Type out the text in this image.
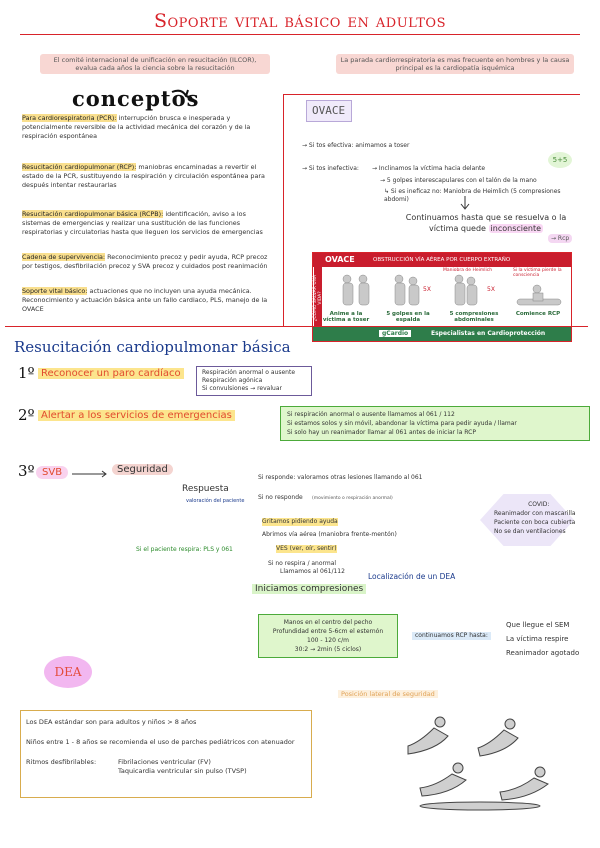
Soporte vital básico en adultos
El comité internacional de unificación en resucitación (ILCOR), evalua cada años la ciencia sobre la resucitación
La parada cardiorrespiratoria es mas frecuente en hombres y la causa principal es la cardiopatía isquémica
conceptos
Para cardiorespiratoria (PCR): interrupción brusca e inesperada y potencialmente reversible de la actividad mecánica del corazón y de la respiración espontánea
Resucitación cardiopulmonar (RCP): maniobras encaminadas a revertir el estado de la PCR, sustituyendo la respiración y circulación espontánea para después intentar restaurarlas
Resucitación cardiopulmonar básica (RCPB): identificación, aviso a los sistemas de emergencias y realizar una sustitución de las funciones respiratorias y circulatorias hasta que lleguen los servicios de emergencias
Cadena de supervivencia: Reconocimiento precoz y pedir ayuda, RCP precoz por testigos, desfibrilación precoz y SVA precoz y cuidados post reanimación
Soporte vital básico: actuaciones que no incluyen una ayuda mecánica. Reconocimiento y actuación básica ante un fallo cardiaco, PLS, manejo de la OVACE
OVACE
→ Si tos efectiva: animamos a toser
→ Si tos inefectiva: → Inclinamos la víctima hacia delante
→ 5 golpes interescapulares con el talón de la mano
↳ Si es ineficaz no: Maniobra de Heimlich (5 compresiones abdomi)
5+5
Continuamos hasta que se resuelva o la víctima quede inconsciente
→ Rcp
OVACE	OBSTRUCCIÓN VÍA AÉREA POR CUERPO EXTRAÑO
¿CÓMO SALVAR UNA VIDA?
Maniobra de Heimlich	Si la víctima pierde la consciencia
5X	5X
Anime a la víctima a toser
5 golpes en la espalda
5 compresiones abdominales
Comience RCP
gCardio	Especialistas en Cardioprotección
Resucitación cardiopulmonar básica
1º Reconocer un paro cardíaco	Respiración anormal o ausente
Respiración agónica
Si convulsiones → revaluar
2º Alertar a los servicios de emergencias	Si respiración anormal o ausente llamamos al 061 / 112
Si estamos solos y sin móvil, abandonar la víctima para pedir ayuda / llamar
Si solo hay un reanimador llamar al 061 antes de iniciar la RCP
3º SVB	Seguridad
Respuesta
valoración del paciente
Si responde: valoramos otras lesiones llamando al 061
Si no responde (movimiento o respiración anormal)
Gritamos pidiendo ayuda
Abrimos vía aérea (maniobra frente-mentón)
VES (ver, oír, sentir)
Si el paciente respira: PLS y 061
Si no respira / anormal
Llamamos al 061/112
Localización de un DEA
Iniciamos compresiones
Manos en el centro del pecho
Profundidad entre 5-6cm el esternón
100 - 120 c/m
30:2 → 2min (5 ciclos)
continuamos RCP hasta:
Que llegue el SEM
La víctima respire
Reanimador agotado
COVID:
Reanimador con mascarilla
Paciente con boca cubierta
No se dan ventilaciones
DEA
Los DEA estándar son para adultos y niños > 8 años
Niños entre 1 - 8 años se recomienda el uso de parches pediátricos con atenuador
Ritmos desfibrilables:	Fibrilaciones ventricular (FV)
Taquicardia ventricular sin pulso (TVSP)
Posición lateral de seguridad
